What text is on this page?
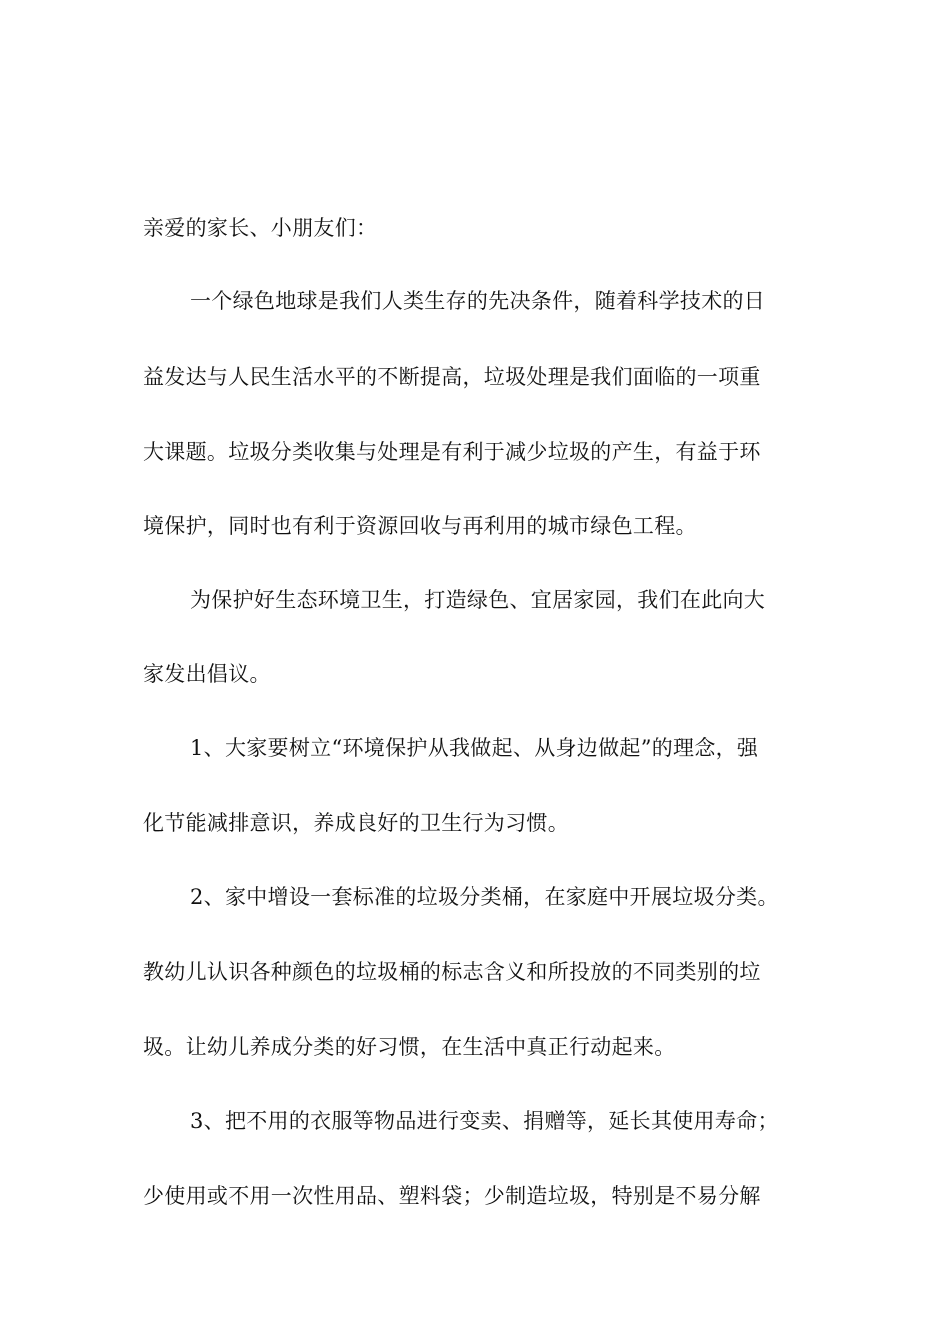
亲爱的家长、小朋友们：
一个绿色地球是我们人类生存的先决条件，随着科学技术的日
益发达与人民生活水平的不断提高，垃圾处理是我们面临的一项重
大课题。垃圾分类收集与处理是有利于减少垃圾的产生，有益于环
境保护，同时也有利于资源回收与再利用的城市绿色工程。
为保护好生态环境卫生，打造绿色、宜居家园，我们在此向大
家发出倡议。
1、大家要树立“环境保护从我做起、从身边做起”的理念，强
化节能减排意识，养成良好的卫生行为习惯。
2、家中增设一套标准的垃圾分类桶，在家庭中开展垃圾分类。
教幼儿认识各种颜色的垃圾桶的标志含义和所投放的不同类别的垃
圾。让幼儿养成分类的好习惯，在生活中真正行动起来。
3、把不用的衣服等物品进行变卖、捐赠等，延长其使用寿命；
少使用或不用一次性用品、塑料袋；少制造垃圾，特别是不易分解
